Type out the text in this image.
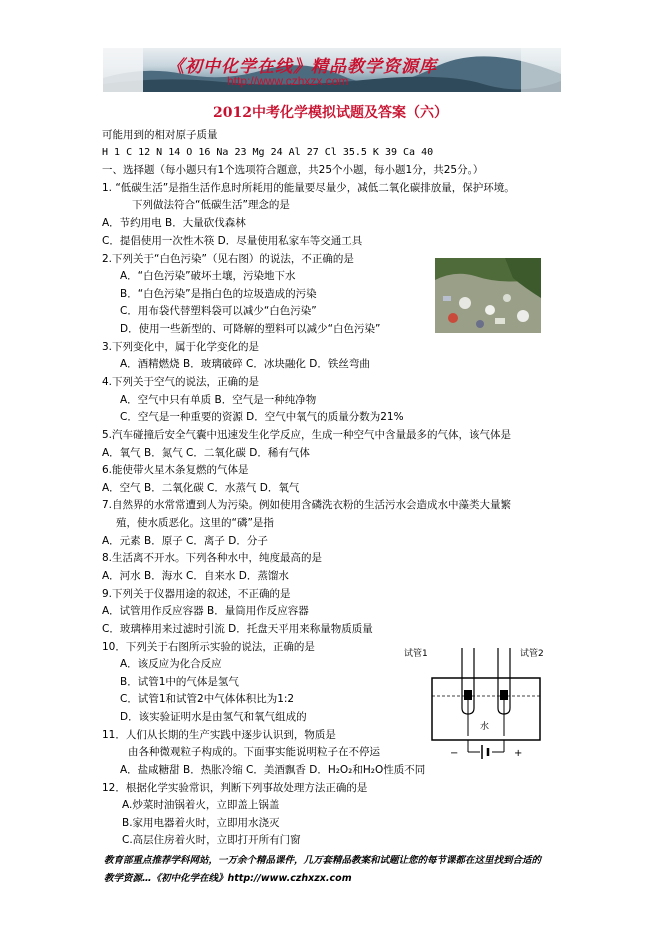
《初中化学在线》精品教学资源库
http://www.czhxzx.com
2012中考化学模拟试题及答案（六）
可能用到的相对原子质量
H 1 C 12 N 14 O 16 Na 23 Mg 24 Al 27 Cl 35.5 K 39 Ca 40
一、选择题（每小题只有1个选项符合题意，共25个小题，每小题1分，共25分。）
1. “低碳生活”是指生活作息时所耗用的能量要尽量少，减低二氧化碳排放量，保护环境。
下列做法符合“低碳生活”理念的是
A．节约用电 B．大量砍伐森林
C．提倡使用一次性木筷 D．尽量使用私家车等交通工具
2.下列关于“白色污染”（见右图）的说法，不正确的是
A．“白色污染”破坏土壤，污染地下水
B．“白色污染”是指白色的垃圾造成的污染
C．用布袋代替塑料袋可以减少“白色污染”
D．使用一些新型的、可降解的塑料可以减少“白色污染”
3.下列变化中，属于化学变化的是
A．酒精燃烧 B．玻璃破碎 C．冰块融化 D．铁丝弯曲
4.下列关于空气的说法，正确的是
A．空气中只有单质 B．空气是一种纯净物
C．空气是一种重要的资源 D．空气中氧气的质量分数为21%
5.汽车碰撞后安全气囊中迅速发生化学反应，生成一种空气中含量最多的气体，该气体是
A．氧气 B．氮气 C．二氧化碳 D．稀有气体
6.能使带火星木条复燃的气体是
A．空气 B．二氧化碳 C．水蒸气 D．氧气
7.自然界的水常常遭到人为污染。例如使用含磷洗衣粉的生活污水会造成水中藻类大量繁
殖，使水质恶化。这里的“磷”是指
A．元素 B．原子 C．离子 D．分子
8.生活离不开水。下列各种水中，纯度最高的是
A．河水 B．海水 C．自来水 D．蒸馏水
9.下列关于仪器用途的叙述，不正确的是
A．试管用作反应容器 B．量筒用作反应容器
C．玻璃棒用来过滤时引流 D．托盘天平用来称量物质质量
10．下列关于右图所示实验的说法，正确的是
A．该反应为化合反应
B．试管1中的气体是氢气
C．试管1和试管2中气体体积比为1:2
D．该实验证明水是由氢气和氧气组成的
11．人们从长期的生产实践中逐步认识到，物质是
由各种微观粒子构成的。下面事实能说明粒子在不停运
A．盐咸糖甜 B．热胀冷缩 C．美酒飘香 D．H₂O₂和H₂O性质不同
12．根据化学实验常识，判断下列事故处理方法正确的是
A.炒菜时油锅着火，立即盖上锅盖
B.家用电器着火时，立即用水浇灭
C.高层住房着火时，立即打开所有门窗
−	+
试管1	试管2
水
教育部重点推荐学科网站，一万余个精品课件，几万套精品教案和试题让您的每节课都在这里找到合适的
教学资源…《初中化学在线》http://www.czhxzx.com
